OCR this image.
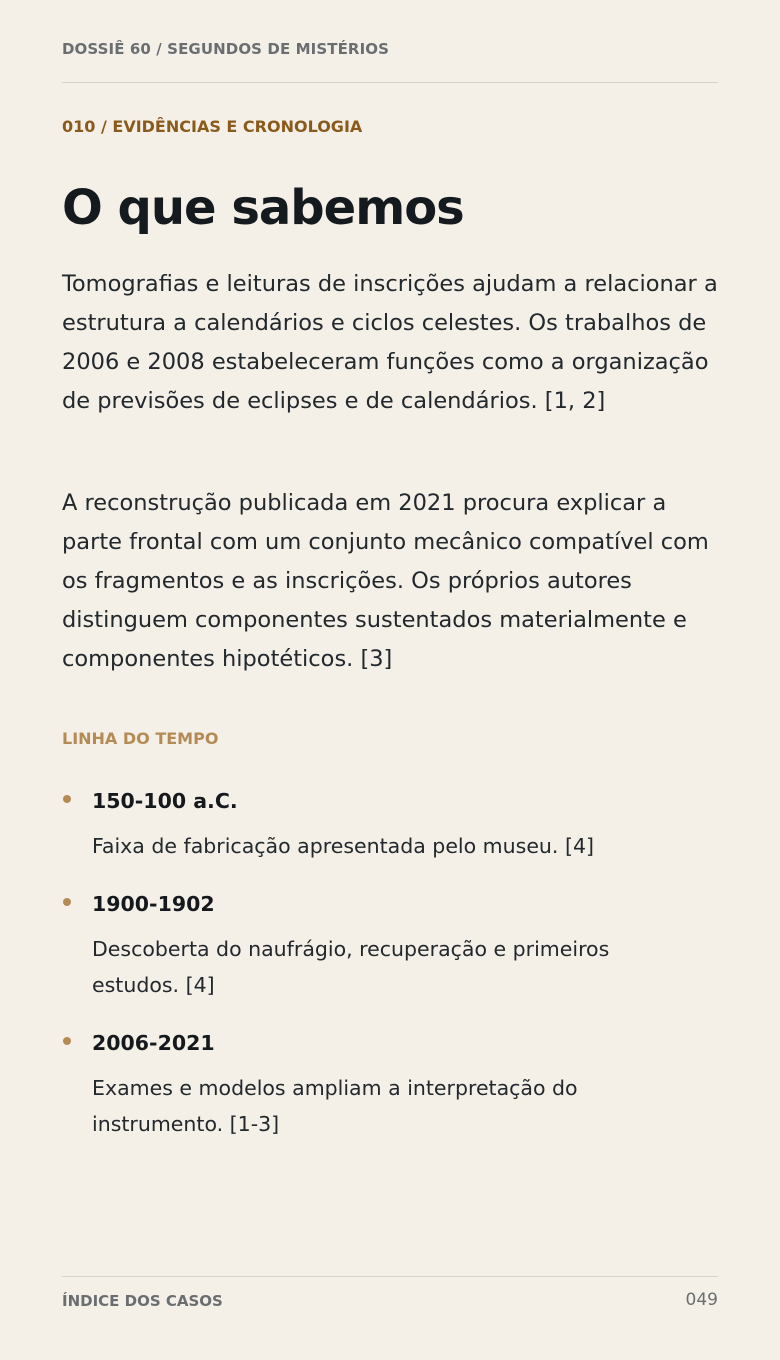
DOSSIÊ 60 / SEGUNDOS DE MISTÉRIOS
010 / EVIDÊNCIAS E CRONOLOGIA
O que sabemos

Tomografias e leituras de inscrições ajudam a relacionar a estrutura a calendários e ciclos celestes. Os trabalhos de 2006 e 2008 estabeleceram funções como a organização de previsões de eclipses e de calendários. [1, 2]

A reconstrução publicada em 2021 procura explicar a parte frontal com um conjunto mecânico compatível com os fragmentos e as inscrições. Os próprios autores distinguem componentes sustentados materialmente e componentes hipotéticos. [3]

LINHA DO TEMPO
150-100 a.C.
Faixa de fabricação apresentada pelo museu. [4]
1900-1902
Descoberta do naufrágio, recuperação e primeiros estudos. [4]
2006-2021
Exames e modelos ampliam a interpretação do instrumento. [1-3]
ÍNDICE DOS CASOS	049
